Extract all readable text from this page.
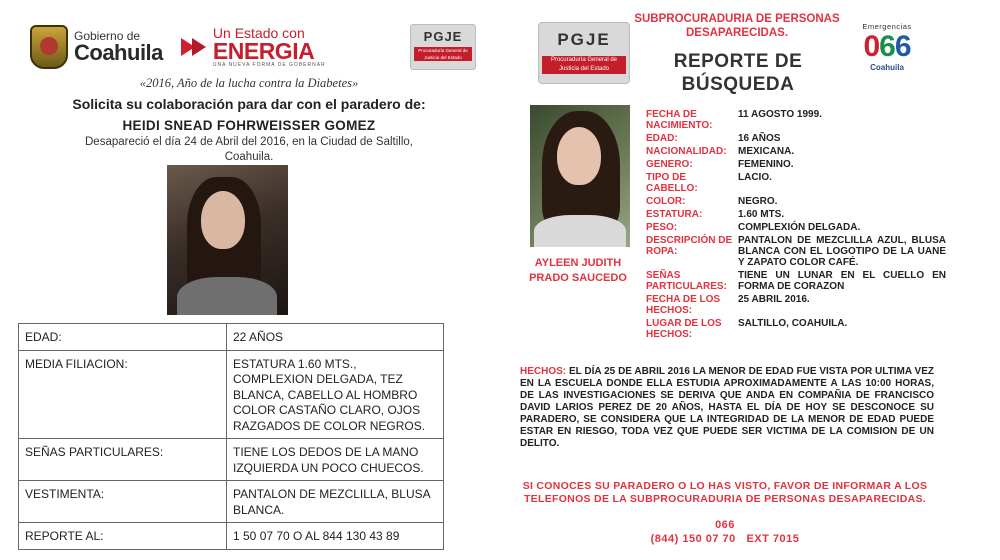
Gobierno de
Coahuila
Un Estado con
ENERGIA
UNA NUEVA FORMA DE GOBERNAR
PGJE
Procuraduría General de Justicia del Estado
«2016, Año de la lucha contra la Diabetes»
Solicita su colaboración para dar con el paradero de:
HEIDI SNEAD FOHRWEISSER GOMEZ
Desapareció el día 24 de Abril del 2016, en la Ciudad de Saltillo, Coahuila.
EDAD:	22 AÑOS
MEDIA FILIACION:	ESTATURA 1.60 MTS., COMPLEXION DELGADA, TEZ BLANCA, CABELLO AL HOMBRO COLOR CASTAÑO CLARO, OJOS RAZGADOS DE COLOR NEGROS.
SEÑAS PARTICULARES:	TIENE LOS DEDOS DE LA MANO IZQUIERDA UN POCO CHUECOS.
VESTIMENTA:	PANTALON DE MEZCLILLA, BLUSA BLANCA.
REPORTE AL:	1 50 07 70 O AL 844 130 43 89
PGJE
Procuraduría General de Justicia del Estado
SUBPROCURADURIA DE PERSONAS DESAPARECIDAS.
REPORTE DE BÚSQUEDA
Emergencias
066
Coahuila
AYLEEN JUDITH PRADO SAUCEDO
FECHA DE NACIMIENTO:
11 AGOSTO 1999.
EDAD:	16 AÑOS
NACIONALIDAD:	MEXICANA.
GENERO:	FEMENINO.
TIPO DE CABELLO:
LACIO.
COLOR:	NEGRO.
ESTATURA:	1.60 MTS.
PESO:	COMPLEXIÓN DELGADA.
DESCRIPCIÓN DE ROPA:
PANTALON DE MEZCLILLA AZUL, BLUSA BLANCA CON EL LOGOTIPO DE LA UANE Y ZAPATO COLOR CAFÉ.
SEÑAS PARTICULARES:
TIENE UN LUNAR EN EL CUELLO EN FORMA DE CORAZON
FECHA DE LOS HECHOS:
25 ABRIL 2016.
LUGAR DE LOS HECHOS:
SALTILLO, COAHUILA.
HECHOS: EL DÍA 25 DE ABRIL 2016 LA MENOR DE EDAD FUE VISTA POR ULTIMA VEZ EN LA ESCUELA DONDE ELLA ESTUDIA APROXIMADAMENTE A LAS 10:00 HORAS, DE LAS INVESTIGACIONES SE DERIVA QUE ANDA EN COMPAÑIA DE FRANCISCO DAVID LARIOS PEREZ DE 20 AÑOS, HASTA EL DÍA DE HOY SE DESCONOCE SU PARADERO, SE CONSIDERA QUE LA INTEGRIDAD DE LA MENOR DE EDAD PUEDE ESTAR EN RIESGO, TODA VEZ QUE PUEDE SER VICTIMA DE LA COMISION DE UN DELITO.
SI CONOCES SU PARADERO O LO HAS VISTO, FAVOR DE INFORMAR A LOS TELEFONOS DE LA SUBPROCURADURIA DE PERSONAS DESAPARECIDAS.
066
(844) 150 07 70   EXT 7015
